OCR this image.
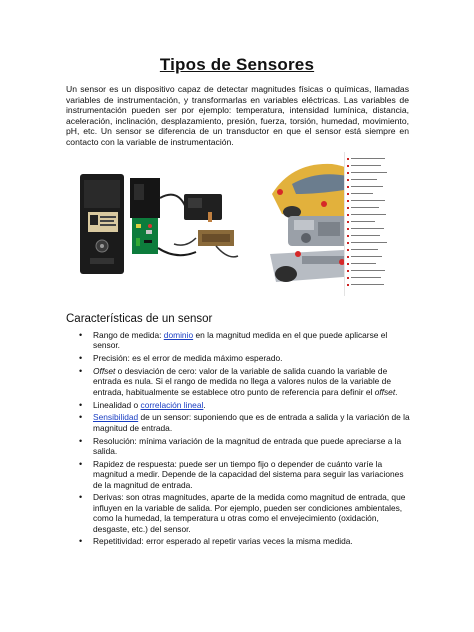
Tipos de Sensores
Un sensor es un dispositivo capaz de detectar magnitudes físicas o químicas, llamadas variables de instrumentación, y transformarlas en variables eléctricas. Las variables de instrumentación pueden ser por ejemplo: temperatura, intensidad lumínica, distancia, aceleración, inclinación, desplazamiento, presión, fuerza, torsión, humedad, movimiento, pH, etc. Un sensor se diferencia de un transductor en que el sensor está siempre en contacto con la variable de instrumentación.
Características de un sensor
• Rango de medida: dominio en la magnitud medida en el que puede aplicarse el sensor.
• Precisión: es el error de medida máximo esperado.
• Offset o desviación de cero: valor de la variable de salida cuando la variable de entrada es nula. Si el rango de medida no llega a valores nulos de la variable de entrada, habitualmente se establece otro punto de referencia para definir el offset.
• Linealidad o correlación lineal.
• Sensibilidad de un sensor: suponiendo que es de entrada a salida y la variación de la magnitud de entrada.
• Resolución: mínima variación de la magnitud de entrada que puede apreciarse a la salida.
• Rapidez de respuesta: puede ser un tiempo fijo o depender de cuánto varíe la magnitud a medir. Depende de la capacidad del sistema para seguir las variaciones de la magnitud de entrada.
• Derivas: son otras magnitudes, aparte de la medida como magnitud de entrada, que influyen en la variable de salida. Por ejemplo, pueden ser condiciones ambientales, como la humedad, la temperatura u otras como el envejecimiento (oxidación, desgaste, etc.) del sensor.
• Repetitividad: error esperado al repetir varias veces la misma medida.
